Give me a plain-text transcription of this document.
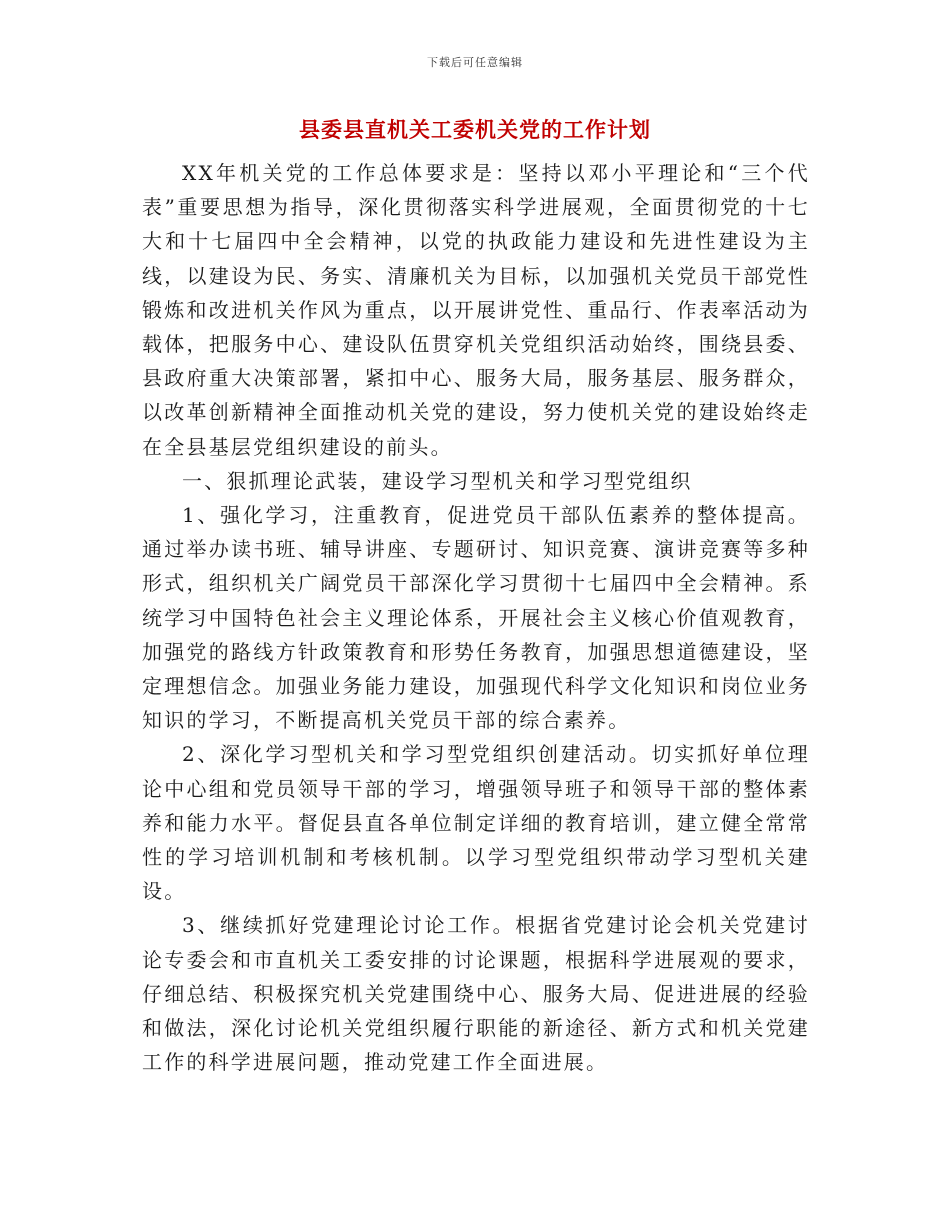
下载后可任意编辑
县委县直机关工委机关党的工作计划

XX年机关党的工作总体要求是：坚持以邓小平理论和“三个代表”重要思想为指导，深化贯彻落实科学进展观，全面贯彻党的十七大和十七届四中全会精神，以党的执政能力建设和先进性建设为主线，以建设为民、务实、清廉机关为目标，以加强机关党员干部党性锻炼和改进机关作风为重点，以开展讲党性、重品行、作表率活动为载体，把服务中心、建设队伍贯穿机关党组织活动始终，围绕县委、县政府重大决策部署，紧扣中心、服务大局，服务基层、服务群众，以改革创新精神全面推动机关党的建设，努力使机关党的建设始终走在全县基层党组织建设的前头。

一、狠抓理论武装，建设学习型机关和学习型党组织

1、强化学习，注重教育，促进党员干部队伍素养的整体提高。通过举办读书班、辅导讲座、专题研讨、知识竞赛、演讲竞赛等多种形式，组织机关广阔党员干部深化学习贯彻十七届四中全会精神。系统学习中国特色社会主义理论体系，开展社会主义核心价值观教育，加强党的路线方针政策教育和形势任务教育，加强思想道德建设，坚定理想信念。加强业务能力建设，加强现代科学文化知识和岗位业务知识的学习，不断提高机关党员干部的综合素养。

2、深化学习型机关和学习型党组织创建活动。切实抓好单位理论中心组和党员领导干部的学习，增强领导班子和领导干部的整体素养和能力水平。督促县直各单位制定详细的教育培训，建立健全常常性的学习培训机制和考核机制。以学习型党组织带动学习型机关建设。

3、继续抓好党建理论讨论工作。根据省党建讨论会机关党建讨论专委会和市直机关工委安排的讨论课题，根据科学进展观的要求，仔细总结、积极探究机关党建围绕中心、服务大局、促进进展的经验和做法，深化讨论机关党组织履行职能的新途径、新方式和机关党建工作的科学进展问题，推动党建工作全面进展。
